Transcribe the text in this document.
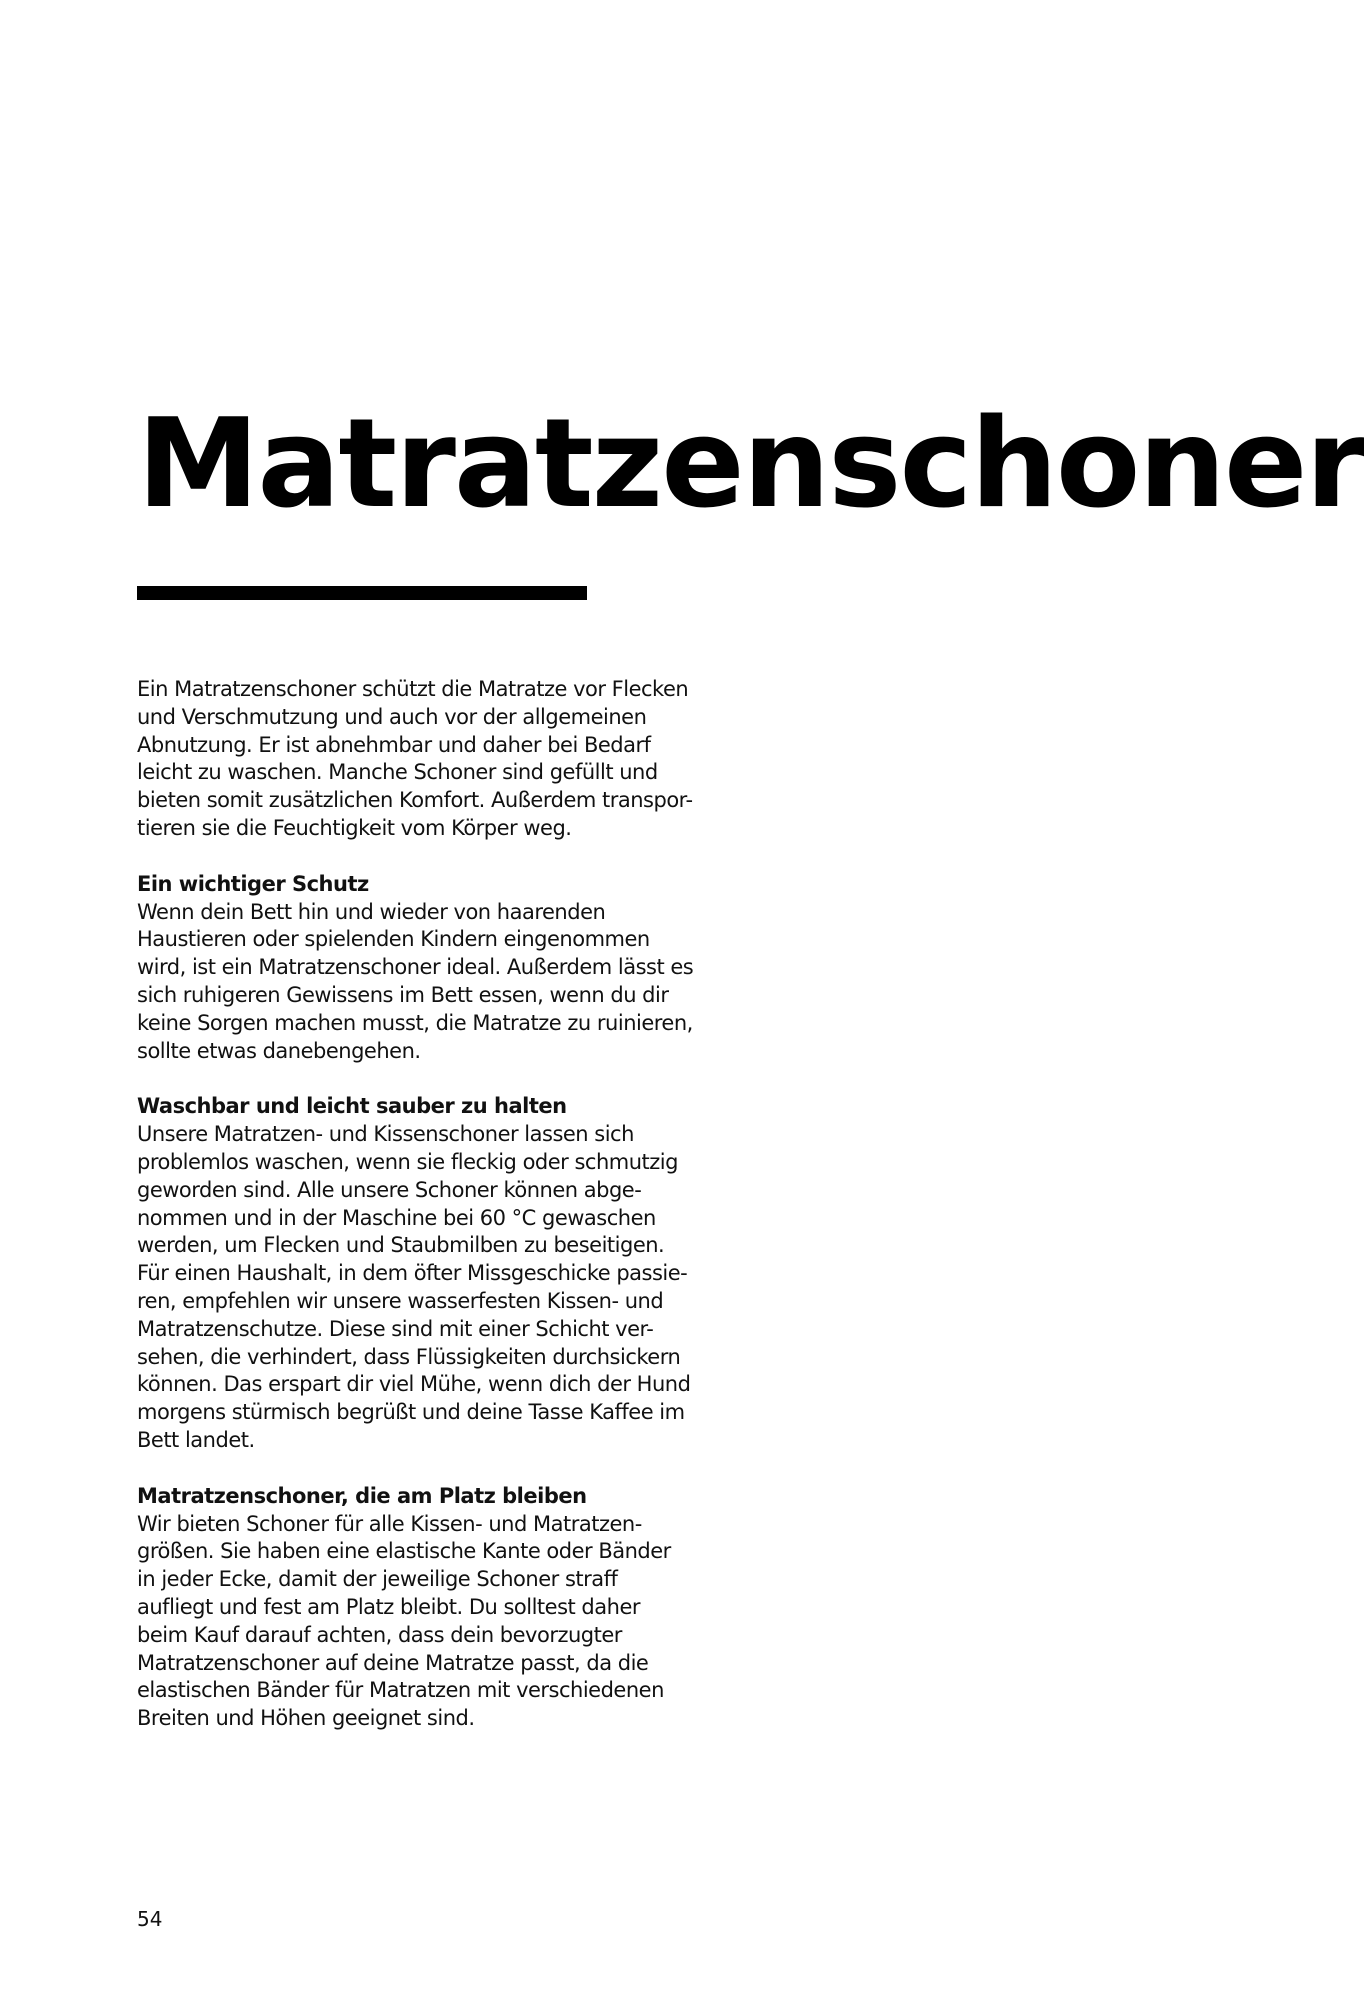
Matratzenschoner

Ein Matratzenschoner schützt die Matratze vor Flecken
und Verschmutzung und auch vor der allgemeinen
Abnutzung. Er ist abnehmbar und daher bei Bedarf
leicht zu waschen. Manche Schoner sind gefüllt und
bieten somit zusätzlichen Komfort. Außerdem transpor-
tieren sie die Feuchtigkeit vom Körper weg.

Ein wichtiger Schutz

Wenn dein Bett hin und wieder von haarenden
Haustieren oder spielenden Kindern eingenommen
wird, ist ein Matratzenschoner ideal. Außerdem lässt es
sich ruhigeren Gewissens im Bett essen, wenn du dir
keine Sorgen machen musst, die Matratze zu ruinieren,
sollte etwas danebengehen.

Waschbar und leicht sauber zu halten

Unsere Matratzen- und Kissenschoner lassen sich
problemlos waschen, wenn sie fleckig oder schmutzig
geworden sind. Alle unsere Schoner können abge-
nommen und in der Maschine bei 60 °C gewaschen
werden, um Flecken und Staubmilben zu beseitigen.
Für einen Haushalt, in dem öfter Missgeschicke passie-
ren, empfehlen wir unsere wasserfesten Kissen- und
Matratzenschutze. Diese sind mit einer Schicht ver-
sehen, die verhindert, dass Flüssigkeiten durchsickern
können. Das erspart dir viel Mühe, wenn dich der Hund
morgens stürmisch begrüßt und deine Tasse Kaffee im
Bett landet.

Matratzenschoner, die am Platz bleiben

Wir bieten Schoner für alle Kissen- und Matratzen-
größen. Sie haben eine elastische Kante oder Bänder
in jeder Ecke, damit der jeweilige Schoner straff
aufliegt und fest am Platz bleibt. Du solltest daher
beim Kauf darauf achten, dass dein bevorzugter
Matratzenschoner auf deine Matratze passt, da die
elastischen Bänder für Matratzen mit verschiedenen
Breiten und Höhen geeignet sind.

54
